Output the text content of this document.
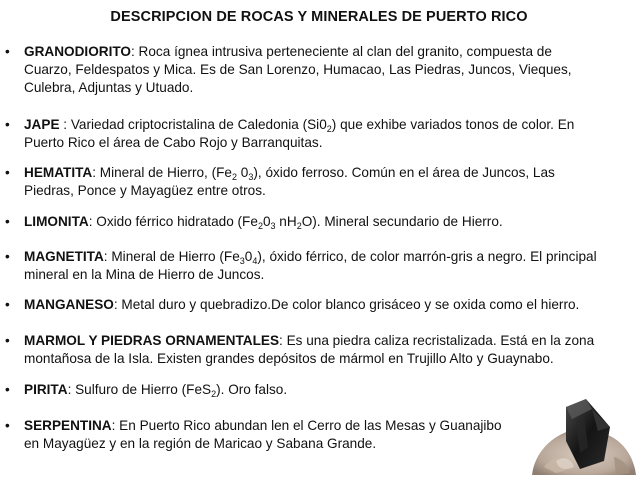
DESCRIPCION DE ROCAS Y MINERALES DE PUERTO RICO
• GRANODIORITO: Roca ígnea intrusiva perteneciente al clan del granito, compuesta de
Cuarzo, Feldespatos y Mica. Es de San Lorenzo, Humacao, Las Piedras, Juncos, Vieques,
Culebra, Adjuntas y Utuado.
• JAPE : Variedad criptocristalina de Caledonia $(Si0_2)$ que exhibe variados tonos de color. En
Puerto Rico el área de Cabo Rojo y Barranquitas.
• HEMATITA: Mineral de Hierro, ($Fe_2$ $0_3$), óxido ferroso. Común en el área de Juncos, Las
Piedras, Ponce y Mayagüez entre otros.
• LIMONITA: Oxido férrico hidratado ($Fe_20_3$ $nH_2O$). Mineral secundario de Hierro.
• MAGNETITA: Mineral de Hierro $(Fe_30_4)$, óxido férrico, de color marrón-gris a negro. El principal
mineral en la Mina de Hierro de Juncos.
• MANGANESO: Metal duro y quebradizo.De color blanco grisáceo y se oxida como el hierro.
• MARMOL Y PIEDRAS ORNAMENTALES: Es una piedra caliza recristalizada. Está en la zona
montañosa de la Isla. Existen grandes depósitos de mármol en Trujillo Alto y Guaynabo.
• PIRITA: Sulfuro de Hierro (FeS$_2$). Oro falso.
• SERPENTINA: En Puerto Rico abundan len el Cerro de las Mesas y Guanajibo
en Mayagüez y en la región de Maricao y Sabana Grande.
